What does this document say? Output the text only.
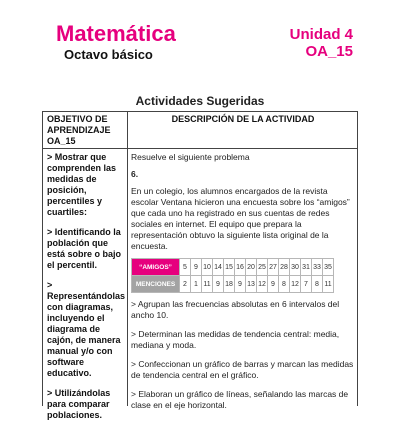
Matemática
Octavo básico
Unidad 4
OA_15
Actividades Sugeridas
OBJETIVO DE APRENDIZAJE OA_15
DESCRIPCIÓN DE LA ACTIVIDAD
> Mostrar que comprenden las medidas de posición, percentiles y cuartiles:
> Identificando la población que está sobre o bajo el percentil.
> Representándolas con diagramas, incluyendo el diagrama de cajón, de manera manual y/o con software educativo.
> Utilizándolas para comparar poblaciones.
Resuelve el siguiente problema
6.
En un colegio, los alumnos encargados de la revista escolar Ventana hicieron una encuesta sobre los “amigos” que cada uno ha registrado en sus cuentas de redes sociales en internet. El equipo que prepara la representación obtuvo la siguiente lista original de la encuesta.
“AMIGOS”	5	9	10	14	15	16	20	25	27	28	30	31	33	35
MENCIONES	2	1	11	9	18	9	13	12	9	8	12	7	8	11
> Agrupan las frecuencias absolutas en 6 intervalos del ancho 10.
> Determinan las medidas de tendencia central: media, mediana y moda.
> Confeccionan un gráfico de barras y marcan las medidas de tendencia central en el gráfico.
> Elaboran un gráfico de líneas, señalando las marcas de clase en el eje horizontal.
